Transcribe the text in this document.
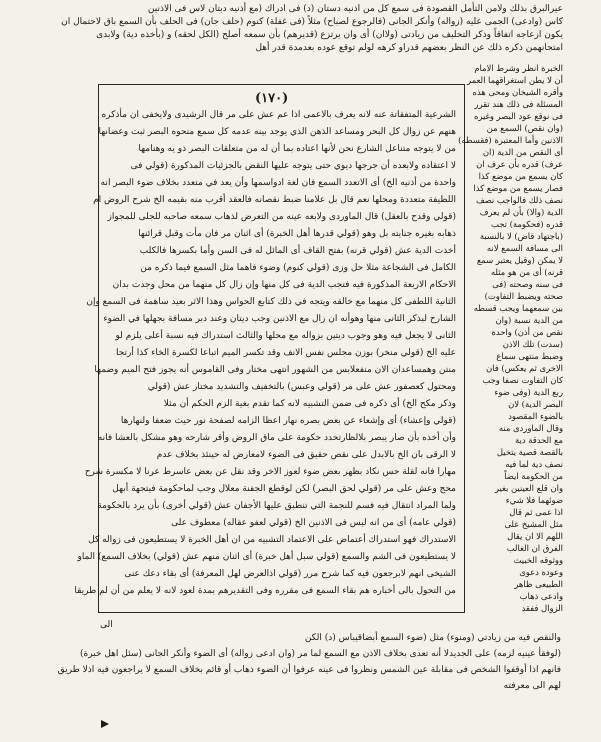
عيرالبرق بذلك ولامن التأمل القصودة فى سمع كل من اذنيه دستان (د) فى ادراك (مع أذنيه دبتان لاس فى الاذنين
كاس (وادعى) الجمى عليه (زواله) وأنكر الجانى (فالرجوع لصباح) مثلاً (فى غفلة) كنوم (حلف جان) فى الحلف بأن السمع باق لاحتمال ان
يكون ازعاجه اتفاقاً وذكر التحليف من زيادتى (ولاان) أى وان يرتزع (قديرهم) بأن سمعه أصلح (الكل لحقه) و (بأخذه دية) ولابدى
امتحانهمن ذكره ذلك عن النظر بعضهم قدراو كرهه لولم توقع عوده بعدمدة قدر أهل
(١٧٠)
الشرعية المتفقاتة عنه لانه يعرف بالاعمى اذا عم عش على مر قال الرشيدى ولايخفى ان مأذكره
هنهم عن زوال كل البحر ومساعد الذهن الذي يوجد بينه عدمه كل سمع منحوه البصر ثبت وعضانها
من لا يتوجه متناعل الشارع نحن لأنها اعتاده بما أن له من متعلقات البصر ذو يه وهنامها
لا اعتقاده ولابعده أن جرجها ديوي حتى يتوجه عليها النقض بالجزئيات المذكورة (قولي فى
واحدة من أذنيه الخ) أى الاتعدد السمع فان لغة ادواسمها وأن يعد في متعدد بخلاف ضوء البصر انه
اللطيفة متعددة ومحلها نعم قال بل علامنا ضبط نقصانه فالعقد أقرب منه بقيمه الخ شرح الروض ام
(قولي وقدح بالعقل) قال الماوردى ولابعه عينه من التعرض لذهاب سمعه صاحبه للجلى للمجواز
ذهابه بغيره جنايته بل وهو (قولي قدرها أهل الخبرة) أى اثنان مر فان مأت وقبل قرائنها
أخذت الدية عش (قولي قرنه) بفتح القاف أى المائل له فى السن وأما بكسرها فالكلب
الكامل فى الشجاعة مثلا حل وزى (قولي كنوم) وضوء فاهما مثل السمع فيما ذكره من
الاحكام الاربعة المذكورة فيه فتجب الدية فى كل منها وإن زال كل منهما من محل وجدت بدان
الثانية اللطفى كل منهما مع خالقه ويتجه في ذلك كتابع الحواس وهذا الاثر بعيد ساهمة فى السمع وإن
الشارح لبذكر الثانى منها وهوأنه ان زال مع الاذنين وجب ديتان وعند دبر مسافة بجهلها في الضوء
الثانى لا يجعل فيه وهو وجوب ديتين بزواله مع محلها والثالث استدراك فيه نسبة أعلى يلزم لو
عليه الخ (قولي منخر) بوزن مجلس نفس الانف وقد تكسر الميم اتباعا لكسرة الخاء كذا أرتجا
منتن وهمساعدان الان منفعلابس من الشهور انتهى مختار وفى القاموس أنه يجوز فتح الميم وضمها
ومحتول كعصفور عش على مر (قولي وعبس) بالتخفيف والتشديد مختار عش (قولي
وذكر مكح الخ) أى ذكره فى ضمن التشبيه لانه كما تقدم بغية الزم الحكم أن مثلا
(قولي وإعشاء) أى وإشعاء عن بعض بصره نهار اعظا الزامه لصفحة نور حيث ضعفا ولنهارها
وأن أخذه بأن صار يبصر بلالظارتحدد حكومة على ماق الروض وأقر شارحه وهو مشكل بالعشا فانه
لا الرقى بان الخ بالابدل على نقص حقيق فى الضوء لامعارض له حينئذ بخلاف عدم
مهارا فانه لقلة حس نكاد بظهر بعض ضوء لعوز الاخر وقد نقل عن بعض عاسرط عرنا لا مكسرة شرح
محج وعش على مر (قولي لحق البصر) لكن لوقطع الجفنة معلال وجب لماحكومة فيتجهة أبهل
ولما المراد انتقال فيه فسم للنجمة التي تنطبق عليها الأجفان عش (قولي أخرى) بأن يرد بالحكومة
(قولي عامه) أى من انه ليس فى الاذنين الخ (قولي لعفو عقاله) معطوف على
الاستدراك فهو استدراك أعتماض على الاعتماد التشبيه من ان أهل الخبرة لا يستطيعون فى زواله كل
لا يستطيعون فى الشم والسمع (قولي سبل أهل خبرة) أى اثنان منهم عش (قولي) بخلاف السمع) الماو
الشيخى انهم لابرجعون فيه كما شرح مرر (قولي اذالعرض لهل المعرفة) أى بقاء دعك عنى
من التحول بالى أخباره هم بقاء السمع فى مقرره وفى التقديرهم بمدة لعود لانه لا يعلم من أن لم طريقا
الخبرة انظر وشرط الامام
أن لا يطن استغراقهما العمر
وأقره الشيخان ومحى هذه
المسئلة فى ذلك هند تقرر
فى نوقع عود البصر وغيره
(وان نقص) السمع من
الاذنين وأما المعتبرة (فقسطه)
أى النقص من الدية (ان
عرف) قدره بأن عرف ان
كان يسمع من موضع كذا
فصار يسمع من موضع كذا
نصف ذلك فالواجب نصف
الدية (والا) بأن لم يعرف
قدره (فحكومة) تجب
(باجتهاد قاض) لا بالنسبة
الى مسافة السمع لانه
لا يمكن (وقيل يعتبر سمع
قرنه) أى من هو مثله
فى سنه وصحته (فى
صحته ويضبط التفاوت)
بين سمعهما ويجب قسطه
من الدية نسبة (وان
نقص من أذن) واحدة
(سدت) تلك الاذن
وضبط منتهى سماع
الاخرى ثم يعكس) فان
كان التفاوت نصفا وجب
ربع الدية (وفى ضوء
البصر الدية) لان
بالضوء المقصود
وقال الماوردى منه
مع الحدقة دية
بالقصة قصية يتخيل
نصف دية لما فيه
من الحكومة ايضاً
وان قلع العينين بغير
ضوئهما فلا شيء
اذا عمى ثم قال
مثل المشيخ على
اللهم الا ان يقال
الفرق ان الغالب
ووثوقه الخبيث
وعودة دعوى
الطبيعى ظاهر
وادعى ذهاب
الزوال ففقد
الى
والنقص فيه من زيادتي (ومنوء) مثل (ضوء السمع أبضاقيباس (د) الكن
(لوفقأ عينيه لزمه) على الجديدلا أنه تعدى بخلاف الاذن مع السمع لما مر (وان ادعى زواله) أى الضوء وأنكر الجانى (سئل اهل خبرة)
فانهم اذا أوقفوا الشخص فى مقابلة عين الشمس ونظروا فى عينه عرفوا أن الضوء ذهاب أو قائم بخلاف السمع لا يراجعون فيه اذلا طريق
لهم الى معرفته
